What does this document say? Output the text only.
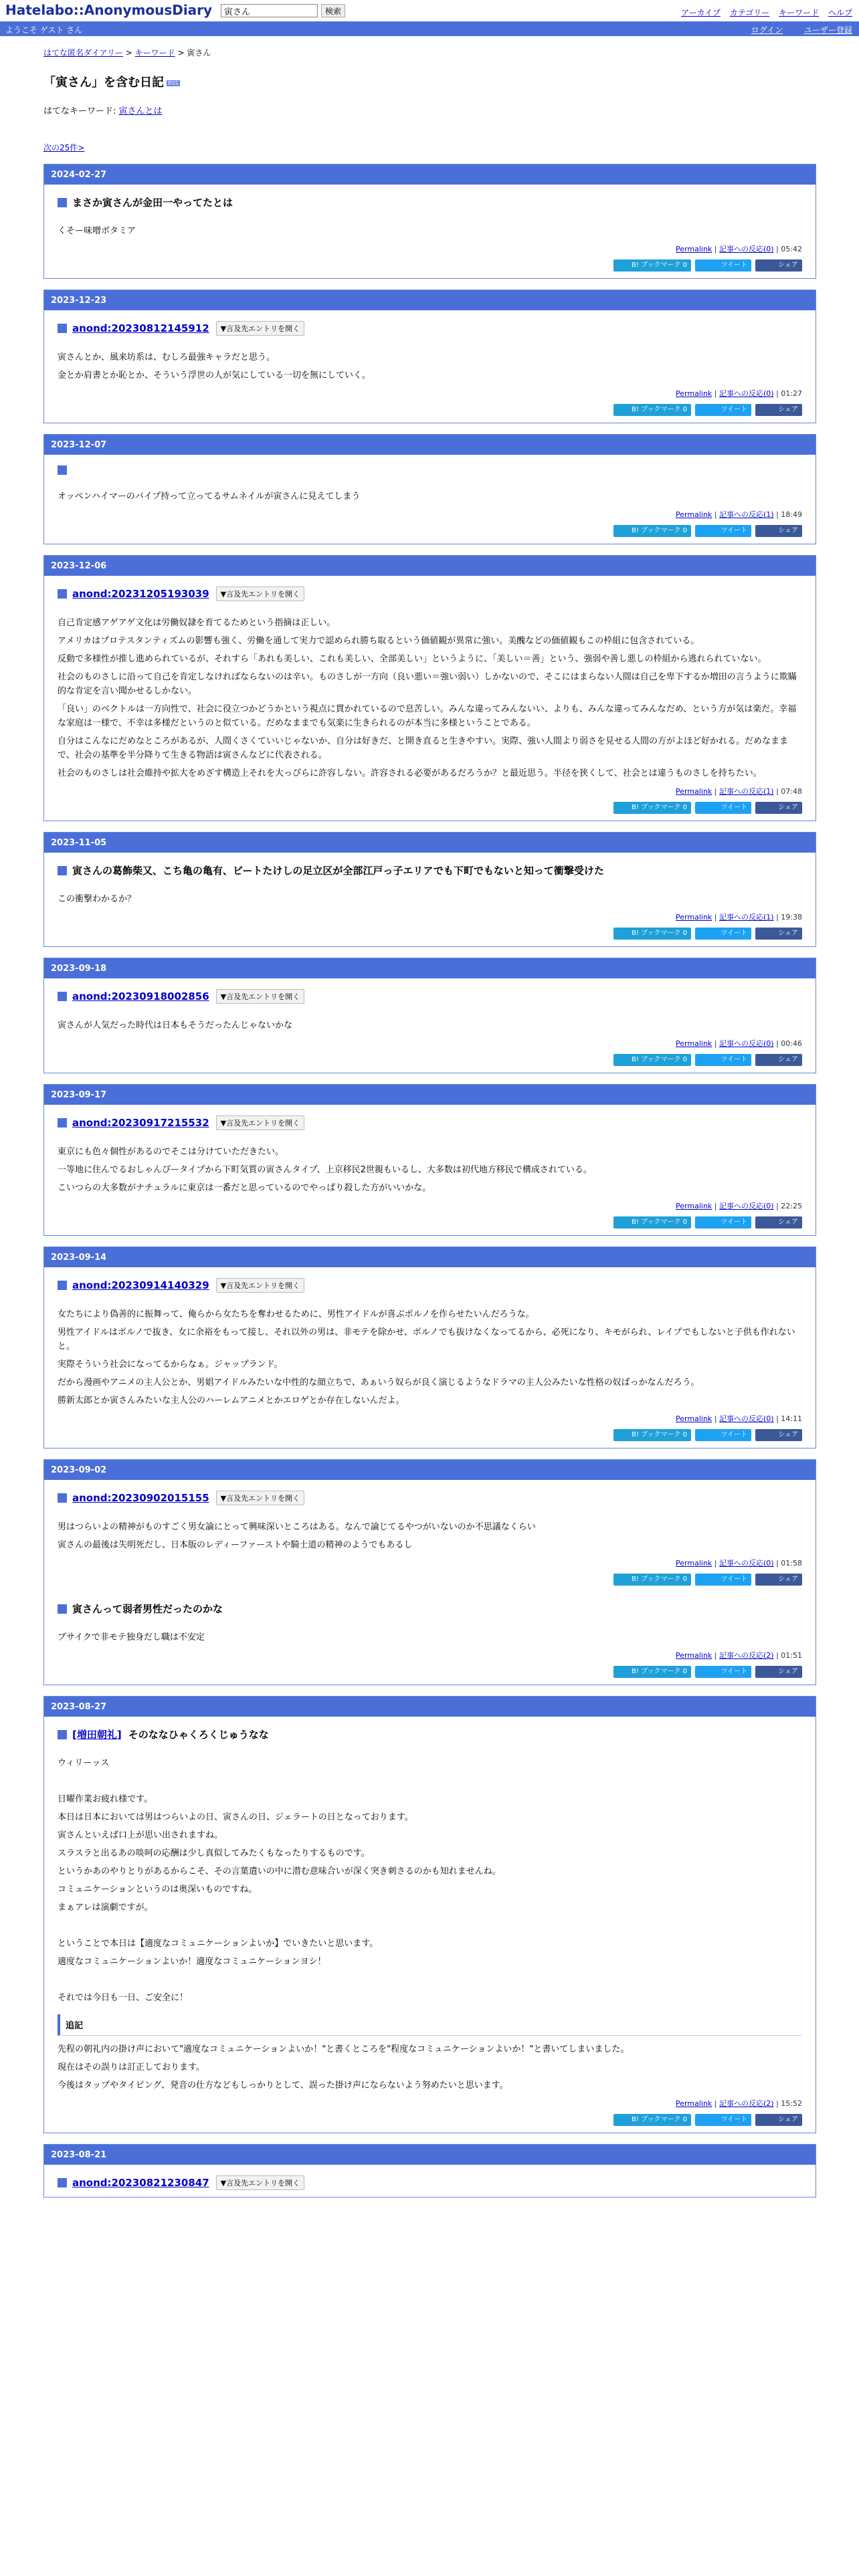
Hatelabo::AnonymousDiary
寅さん	検索	アーカイブ カテゴリー キーワード ヘルプ
ようこそ ゲスト さん	ログイン	ユーザー登録
はてな匿名ダイアリー > キーワード > 寅さん
「寅さん」を含む日記 RSS
はてなキーワード: 寅さんとは
次の25件>
2024-02-27
まさか寅さんが金田一やってたとは

くそー味噌ボタミア

Permalink | 記事への反応(0) | 05:42
B! ブックマーク 0	ツイート	シェア
2023-12-23
anond:20230812145912	▼言及先エントリを開く

寅さんとか、風来坊系は、むしろ最強キャラだと思う。

金とか肩書とか恥とか、そういう浮世の人が気にしている一切を無にしていく。

Permalink | 記事への反応(0) | 01:27
B! ブックマーク 0	ツイート	シェア
2023-12-07

オッペンハイマーのパイプ持って立ってるサムネイルが寅さんに見えてしまう

Permalink | 記事への反応(1) | 18:49
B! ブックマーク 0	ツイート	シェア
2023-12-06
anond:20231205193039	▼言及先エントリを開く

自己肯定感アゲアゲ文化は労働奴隷を育てるためという指摘は正しい。

アメリカはプロテスタンティズムの影響も強く、労働を通して実力で認められ勝ち取るという価値観が異常に強い。美醜などの価値観もこの枠組に包含されている。

反動で多様性が推し進められているが、それすら「あれも美しい、これも美しい、全部美しい」というように、「美しい＝善」という、強弱や善し悪しの枠組から逃れられていない。

社会のものさしに沿って自己を肯定しなければならないのは辛い。ものさしが一方向（良い悪い＝強い弱い）しかないので、そこにはまらない人間は自己を卑下するか増田の言うように欺瞞的な肯定を言い聞かせるしかない。

「良い」のベクトルは一方向性で、社会に役立つかどうかという視点に貫かれているので息苦しい。みんな違ってみんないい、よりも、みんな違ってみんなだめ、という方が気は楽だ。幸福な家庭は一様で、不幸は多様だというのと似ている。だめなままでも気楽に生きられるのが本当に多様ということである。

自分はこんなにだめなところがあるが、人間くさくていいじゃないか、自分は好きだ、と開き直ると生きやすい。実際、強い人間より弱さを見せる人間の方がよほど好かれる。だめなままで、社会の基準を半分降りて生きる物語は寅さんなどに代表される。

社会のものさしは社会維持や拡大をめざす構造上それを大っぴらに許容しない。許容される必要があるだろうか？と最近思う。半径を狭くして、社会とは違うものさしを持ちたい。

Permalink | 記事への反応(1) | 07:48
B! ブックマーク 0	ツイート	シェア
2023-11-05
寅さんの葛飾柴又、こち亀の亀有、ビートたけしの足立区が全部江戸っ子エリアでも下町でもないと知って衝撃受けた

この衝撃わかるか？

Permalink | 記事への反応(1) | 19:38
B! ブックマーク 0	ツイート	シェア
2023-09-18
anond:20230918002856	▼言及先エントリを開く

寅さんが人気だった時代は日本もそうだったんじゃないかな

Permalink | 記事への反応(0) | 00:46
B! ブックマーク 0	ツイート	シェア
2023-09-17
anond:20230917215532	▼言及先エントリを開く

東京にも色々個性があるのでそこは分けていただきたい。

一等地に住んでるおしゃんぴータイプから下町気質の寅さんタイプ、上京移民2世親もいるし、大多数は初代地方移民で構成されている。

こいつらの大多数がナチュラルに東京は一番だと思っているのでやっぱり殺した方がいいかな。

Permalink | 記事への反応(0) | 22:25
B! ブックマーク 0	ツイート	シェア
2023-09-14
anond:20230914140329	▼言及先エントリを開く

女たちにより偽善的に振舞って、俺らから女たちを奪わせるために、男性アイドルが喜ぶポルノを作らせたいんだろうな。

男性アイドルはポルノで抜き、女に余裕をもって接し、それ以外の男は、非モテを除かせ、ポルノでも抜けなくなってるから、必死になり、キモがられ、レイプでもしないと子供も作れないと。

実際そういう社会になってるからなぁ。ジャップランド。

だから漫画やアニメの主人公とか、男娼アイドルみたいな中性的な顔立ちで、あぁいう奴らが良く演じるようなドラマの主人公みたいな性格の奴ばっかなんだろう。

勝新太郎とか寅さんみたいな主人公のハーレムアニメとかエロゲとか存在しないんだよ。

Permalink | 記事への反応(0) | 14:11
B! ブックマーク 0	ツイート	シェア
2023-09-02
anond:20230902015155	▼言及先エントリを開く

男はつらいよの精神がものすごく男女論にとって興味深いところはある。なんで論じてるやつがいないのか不思議なくらい

寅さんの最後は失明死だし、日本版のレディーファーストや騎士道の精神のようでもあるし

Permalink | 記事への反応(0) | 01:58
B! ブックマーク 0	ツイート	シェア
寅さんって弱者男性だったのかな

ブサイクで非モテ独身だし職は不安定

Permalink | 記事への反応(2) | 01:51
B! ブックマーク 0	ツイート	シェア
2023-08-27
[増田朝礼] そのななひゃくろくじゅうなな

ウィリーッス

日曜作業お疲れ様です。

本日は日本においては男はつらいよの日、寅さんの日、ジェラートの日となっております。

寅さんといえば口上が思い出されますね。

スラスラと出るあの啖呵の応酬は少し真似してみたくもなったりするものです。

というかあのやりとりがあるからこそ、その言葉遣いの中に潜む意味合いが深く突き刺さるのかも知れませんね。

コミュニケーションというのは奥深いものですね。

まぁアレは演劇ですが。

ということで本日は【適度なコミュニケーションよいか】でいきたいと思います。

適度なコミュニケーションよいか！適度なコミュニケーションヨシ！

それでは今日も一日、ご安全に！

追記

先程の朝礼内の掛け声において"適度なコミュニケーションよいか！"と書くところを"程度なコミュニケーションよいか！"と書いてしまいました。

現在はその誤りは訂正しております。

今後はタップやタイピング、発音の仕方などもしっかりとして、誤った掛け声にならないよう努めたいと思います。

Permalink | 記事への反応(2) | 15:52
B! ブックマーク 0	ツイート	シェア
2023-08-21
anond:20230821230847	▼言及先エントリを開く
